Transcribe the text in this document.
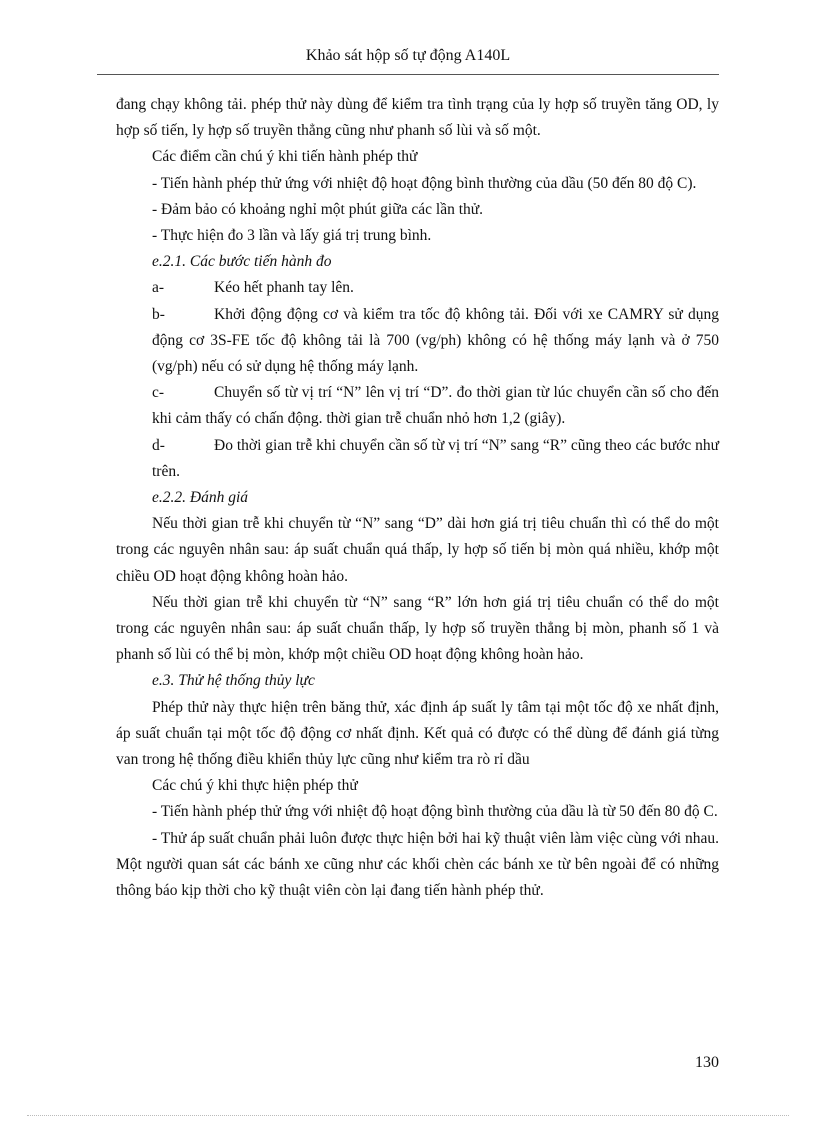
Khảo sát hộp số tự động A140L

đang chạy không tải. phép thử này dùng để kiểm tra tình trạng của ly hợp số truyền tăng OD, ly hợp số tiến, ly hợp số truyền thẳng cũng như phanh số lùi và số một.

Các điểm cần chú ý khi tiến hành phép thử

- Tiến hành phép thử ứng với nhiệt độ hoạt động bình thường của dầu (50 đến 80 độ C).

- Đảm bảo có khoảng nghỉ một phút giữa các lần thử.

- Thực hiện đo 3 lần và lấy giá trị trung bình.

e.2.1. Các bước tiến hành đo

a-	Kéo hết phanh tay lên.

b-	Khởi động động cơ và kiểm tra tốc độ không tải. Đối với xe CAMRY sử dụng động cơ 3S-FE tốc độ không tải là 700 (vg/ph) không có hệ thống máy lạnh và ở 750 (vg/ph) nếu có sử dụng hệ thống máy lạnh.

c-	Chuyển số từ vị trí “N” lên vị trí “D”. đo thời gian từ lúc chuyển cần số cho đến khi cảm thấy có chấn động. thời gian trễ chuẩn nhỏ hơn 1,2 (giây).

d-	Đo thời gian trễ khi chuyển cần số từ vị trí “N” sang “R” cũng theo các bước như trên.

e.2.2. Đánh giá

Nếu thời gian trễ khi chuyển từ “N” sang “D” dài hơn giá trị tiêu chuẩn thì có thể do một trong các nguyên nhân sau: áp suất chuẩn quá thấp, ly hợp số tiến bị mòn quá nhiều, khớp một chiều OD hoạt động không hoàn hảo.

Nếu thời gian trễ khi chuyển từ “N” sang “R” lớn hơn giá trị tiêu chuẩn có thể do một trong các nguyên nhân sau: áp suất chuẩn thấp, ly hợp số truyền thẳng bị mòn, phanh số 1 và phanh số lùi có thể bị mòn, khớp một chiều OD hoạt động không hoàn hảo.

e.3. Thử hệ thống thủy lực

Phép thử này thực hiện trên băng thử, xác định áp suất ly tâm tại một tốc độ xe nhất định, áp suất chuẩn tại một tốc độ động cơ nhất định. Kết quả có được có thể dùng để đánh giá từng van trong hệ thống điều khiển thủy lực cũng như kiểm tra rò rỉ dầu

Các chú ý khi thực hiện phép thử

- Tiến hành phép thử ứng với nhiệt độ hoạt động bình thường của dầu là từ 50 đến 80 độ C.

- Thử áp suất chuẩn phải luôn được thực hiện bởi hai kỹ thuật viên làm việc cùng với nhau. Một người quan sát các bánh xe cũng như các khối chèn các bánh xe từ bên ngoài để có những thông báo kịp thời cho kỹ thuật viên còn lại đang tiến hành phép thử.

130
